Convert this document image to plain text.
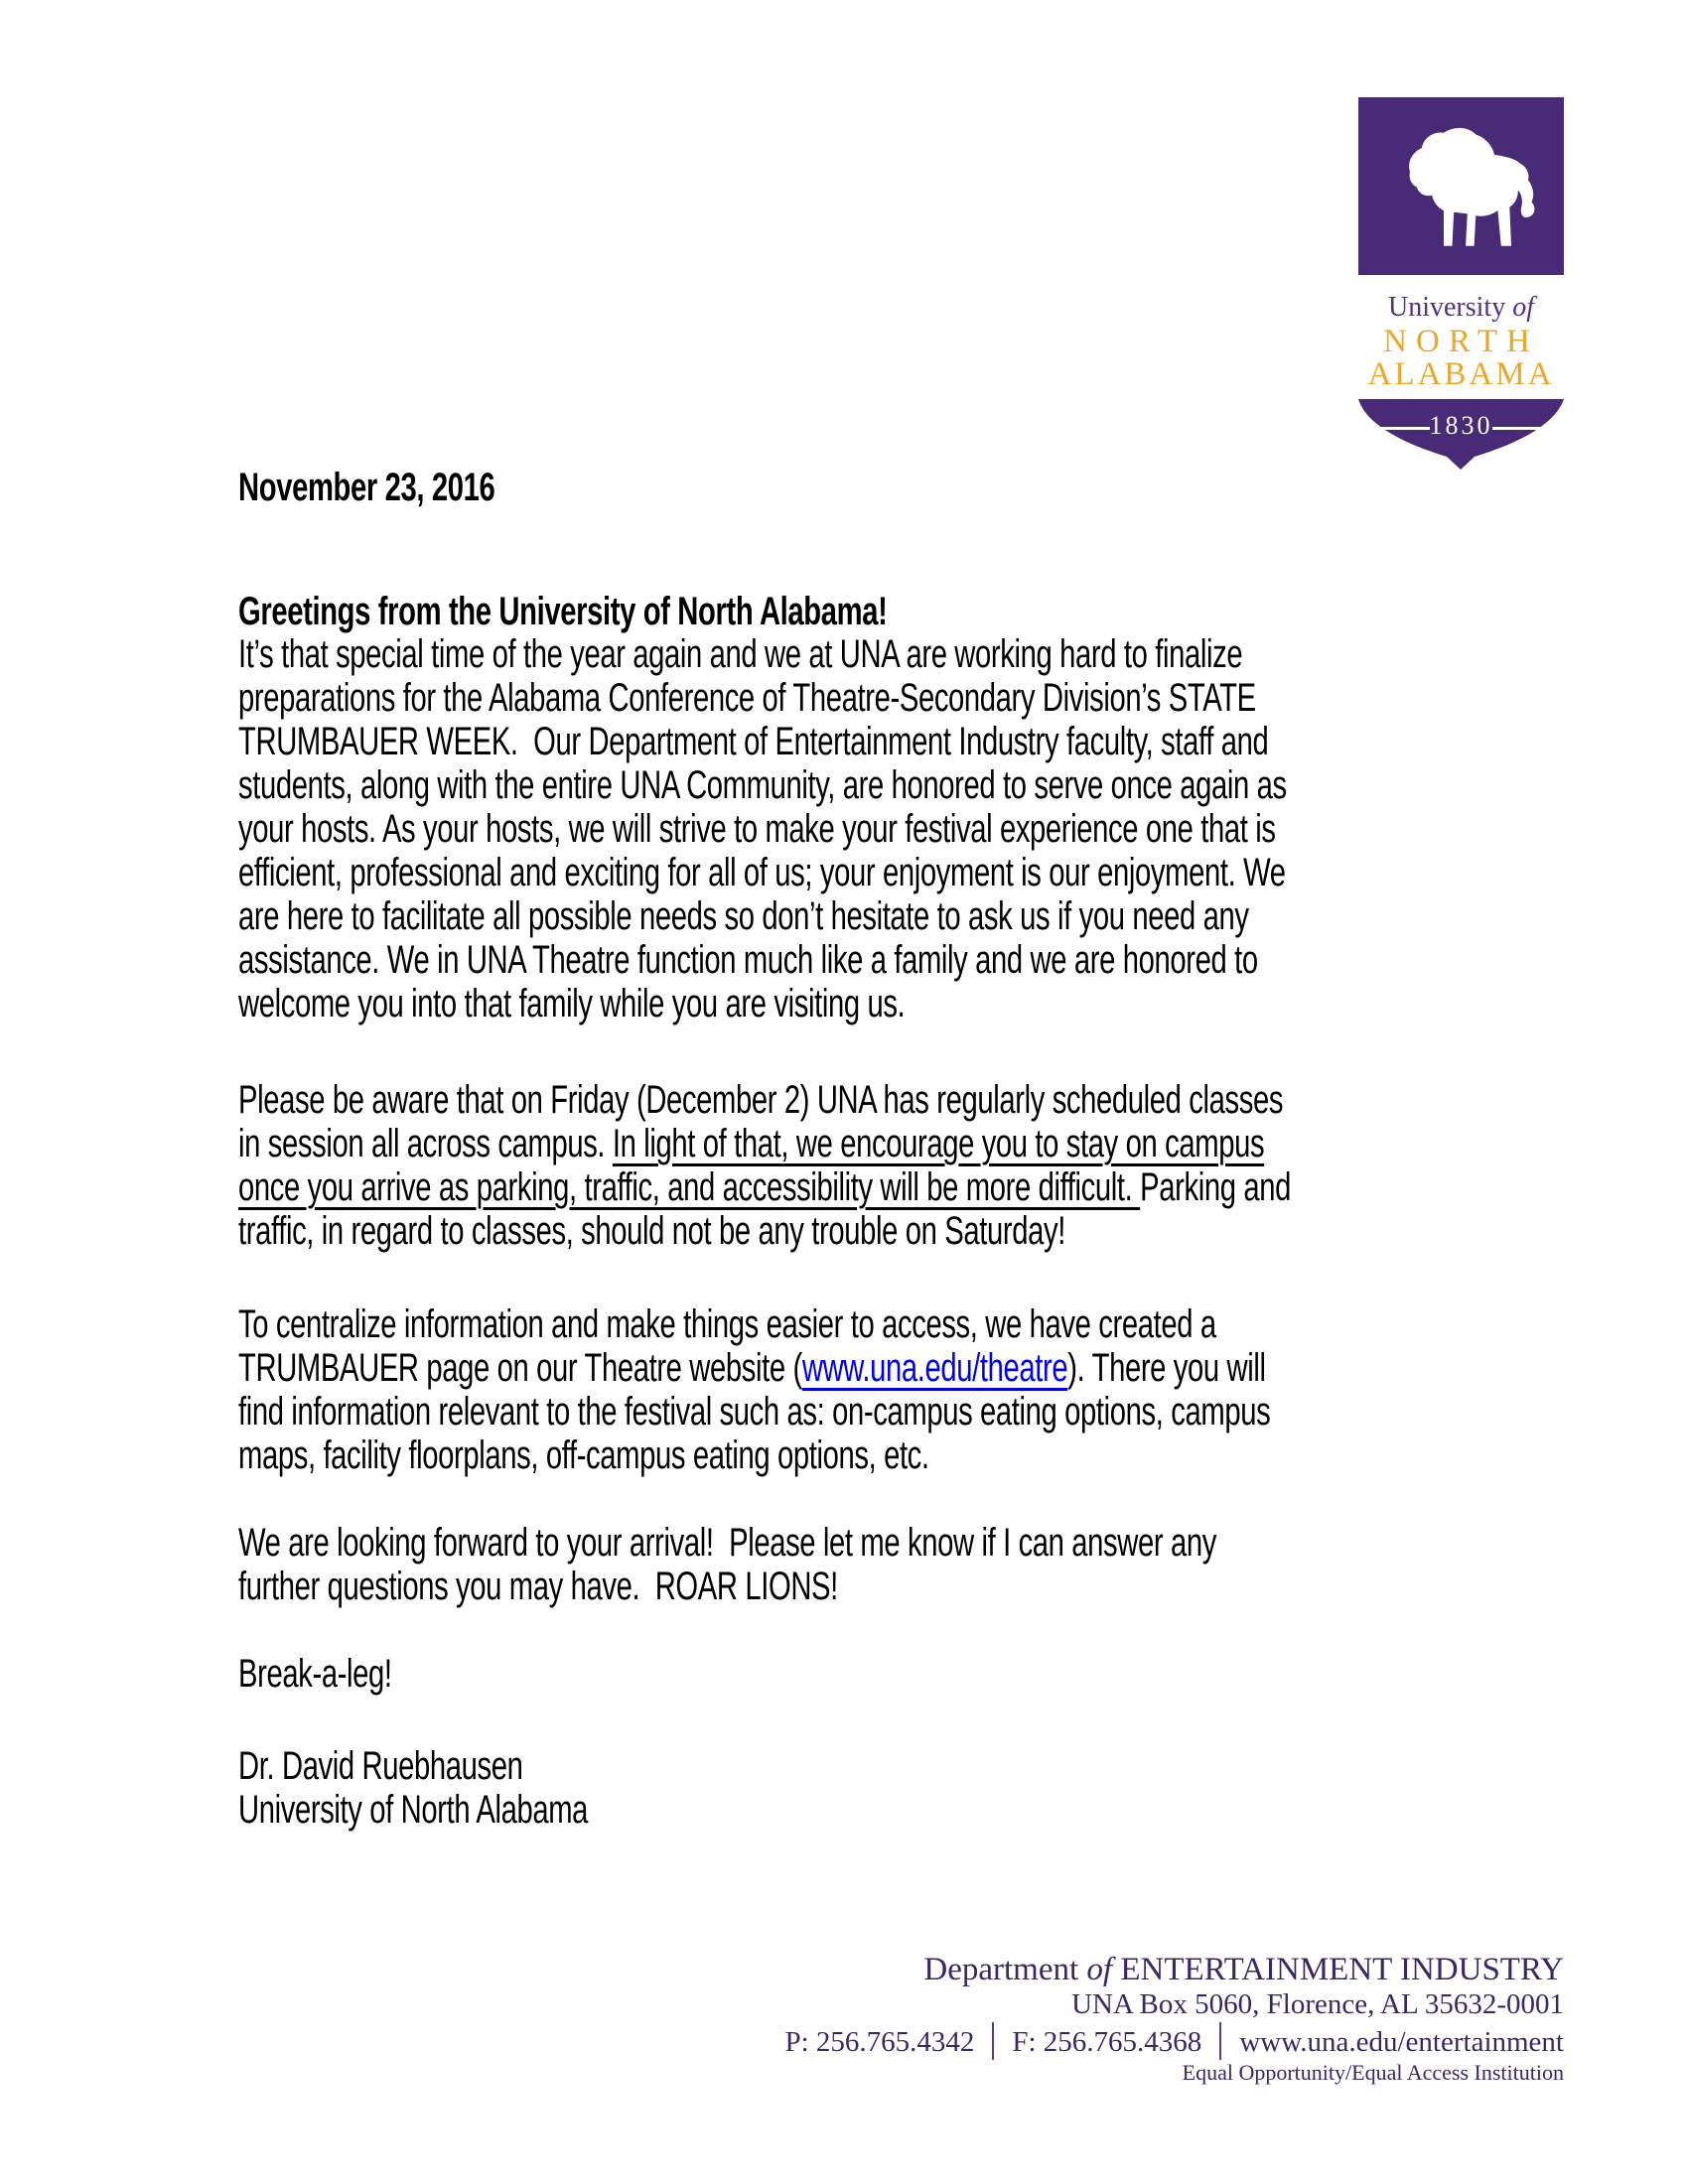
University of
NORTH
ALABAMA
1830
November 23, 2016
Greetings from the University of North Alabama!
It’s that special time of the year again and we at UNA are working hard to finalize
preparations for the Alabama Conference of Theatre-Secondary Division’s STATE
TRUMBAUER WEEK.  Our Department of Entertainment Industry faculty, staff and
students, along with the entire UNA Community, are honored to serve once again as
your hosts. As your hosts, we will strive to make your festival experience one that is
efficient, professional and exciting for all of us; your enjoyment is our enjoyment. We
are here to facilitate all possible needs so don’t hesitate to ask us if you need any
assistance. We in UNA Theatre function much like a family and we are honored to
welcome you into that family while you are visiting us.
Please be aware that on Friday (December 2) UNA has regularly scheduled classes
in session all across campus. In light of that, we encourage you to stay on campus
once you arrive as parking, traffic, and accessibility will be more difficult. Parking and
traffic, in regard to classes, should not be any trouble on Saturday!
To centralize information and make things easier to access, we have created a
TRUMBAUER page on our Theatre website (www.una.edu/theatre). There you will
find information relevant to the festival such as: on-campus eating options, campus
maps, facility floorplans, off-campus eating options, etc.
We are looking forward to your arrival!  Please let me know if I can answer any
further questions you may have.  ROAR LIONS!
Break-a-leg!
Dr. David Ruebhausen
University of North Alabama
Department of ENTERTAINMENT INDUSTRY
UNA Box 5060, Florence, AL 35632-0001
P: 256.765.4342 F: 256.765.4368 www.una.edu/entertainment
Equal Opportunity/Equal Access Institution
